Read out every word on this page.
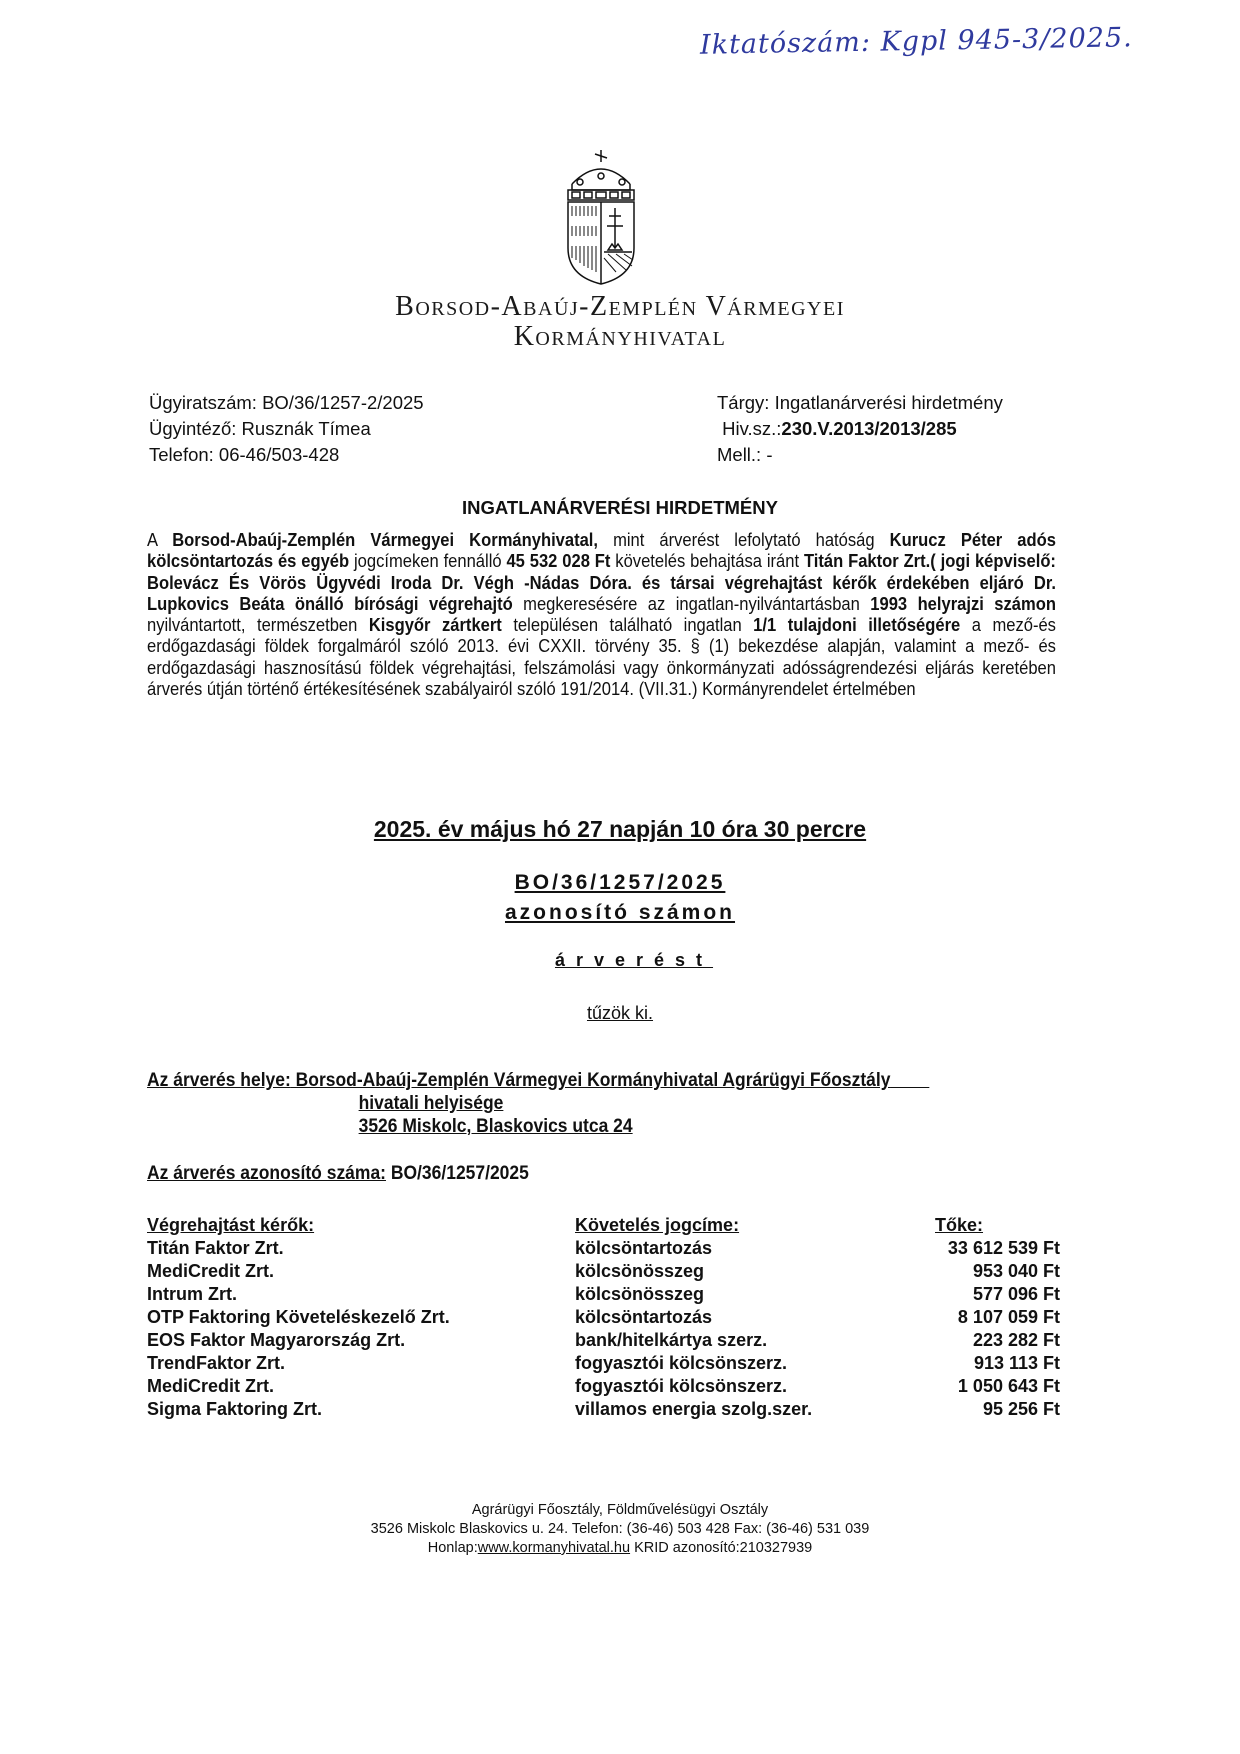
Iktatószám: Kgpl 945-3/2025.
Borsod-Abaúj-Zemplén Vármegyei
Kormányhivatal
Ügyiratszám: BO/36/1257-2/2025
Ügyintéző: Rusznák Tímea
Telefon: 06-46/503-428
Tárgy: Ingatlanárverési hirdetmény
Hiv.sz.:230.V.2013/2013/285
Mell.: -
INGATLANÁRVERÉSI HIRDETMÉNY
A Borsod-Abaúj-Zemplén Vármegyei Kormányhivatal, mint árverést lefolytató hatóság Kurucz Péter adós kölcsöntartozás és egyéb jogcímeken fennálló 45 532 028 Ft követelés behajtása iránt Titán Faktor Zrt.( jogi képviselő: Bolevácz És Vörös Ügyvédi Iroda Dr. Végh -Nádas Dóra. és társai végrehajtást kérők érdekében eljáró Dr. Lupkovics Beáta önálló bírósági végrehajtó megkeresésére az ingatlan-nyilvántartásban 1993 helyrajzi számon nyilvántartott, természetben Kisgyőr zártkert településen található ingatlan 1/1 tulajdoni illetőségére a mező-és erdőgazdasági földek forgalmáról szóló 2013. évi CXXII. törvény 35. § (1) bekezdése alapján, valamint a mező- és erdőgazdasági hasznosítású földek végrehajtási, felszámolási vagy önkormányzati adósságrendezési eljárás keretében árverés útján történő értékesítésének szabályairól szóló 191/2014. (VII.31.) Kormányrendelet értelmében
2025. év május hó 27 napján 10 óra 30 percre
BO/36/1257/2025
azonosító számon
árverést
tűzök ki.
Az árverés helye: Borsod-Abaúj-Zemplén Vármegyei Kormányhivatal Agrárügyi Főosztály
hivatali helyisége
3526 Miskolc, Blaskovics utca 24
Az árverés azonosító száma: BO/36/1257/2025
Végrehajtást kérők:
Titán Faktor Zrt.
MediCredit Zrt.
Intrum Zrt.
OTP Faktoring Követeléskezelő Zrt.
EOS Faktor Magyarország Zrt.
TrendFaktor Zrt.
MediCredit Zrt.
Sigma Faktoring Zrt.
Követelés jogcíme:
kölcsöntartozás
kölcsönösszeg
kölcsönösszeg
kölcsöntartozás
bank/hitelkártya szerz.
fogyasztói kölcsönszerz.
fogyasztói kölcsönszerz.
villamos energia szolg.szer.
Tőke:
33 612 539 Ft
953 040 Ft
577 096 Ft
8 107 059 Ft
223 282 Ft
913 113 Ft
1 050 643 Ft
95 256 Ft
Agrárügyi Főosztály, Földművelésügyi Osztály
3526 Miskolc Blaskovics u. 24. Telefon: (36-46) 503 428 Fax: (36-46) 531 039
Honlap:www.kormanyhivatal.hu KRID azonosító:210327939
